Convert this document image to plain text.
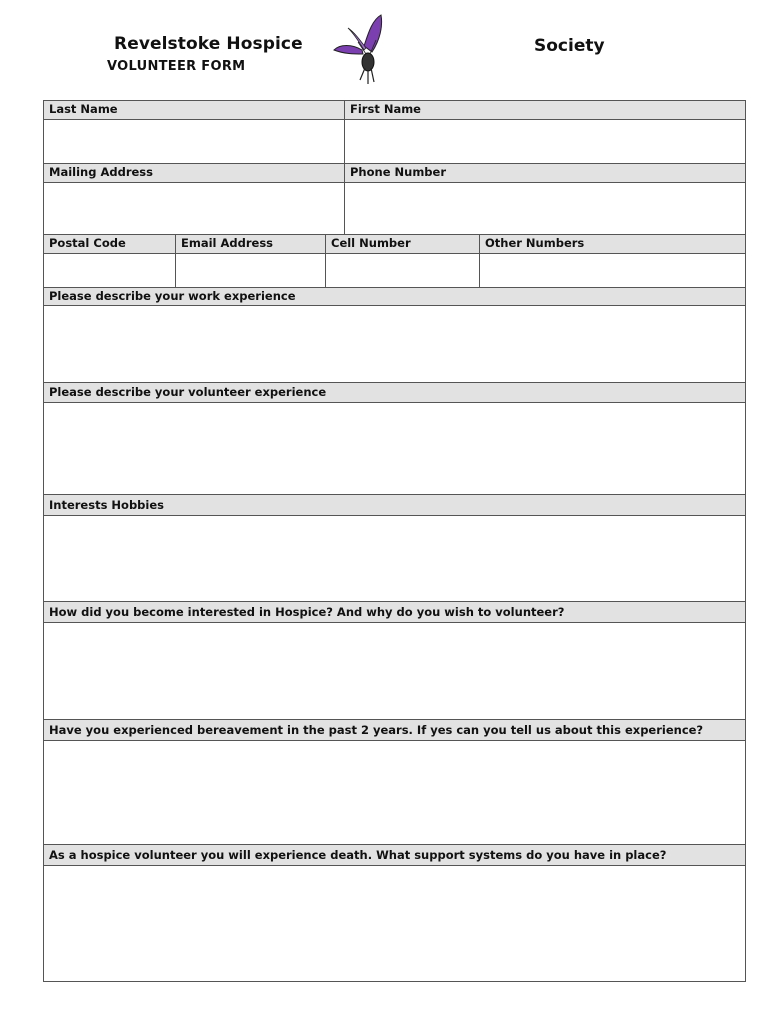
Revelstoke Hospice
VOLUNTEER FORM
Society
Last Name	First Name
Mailing Address	Phone Number
Postal Code	Email Address	Cell Number	Other Numbers
Please describe your work experience
Please describe your volunteer experience
Interests Hobbies
How did you become interested in Hospice? And why do you wish to volunteer?
Have you experienced bereavement in the past 2 years. If yes can you tell us about this experience?
As a hospice volunteer you will experience death. What support systems do you have in place?
